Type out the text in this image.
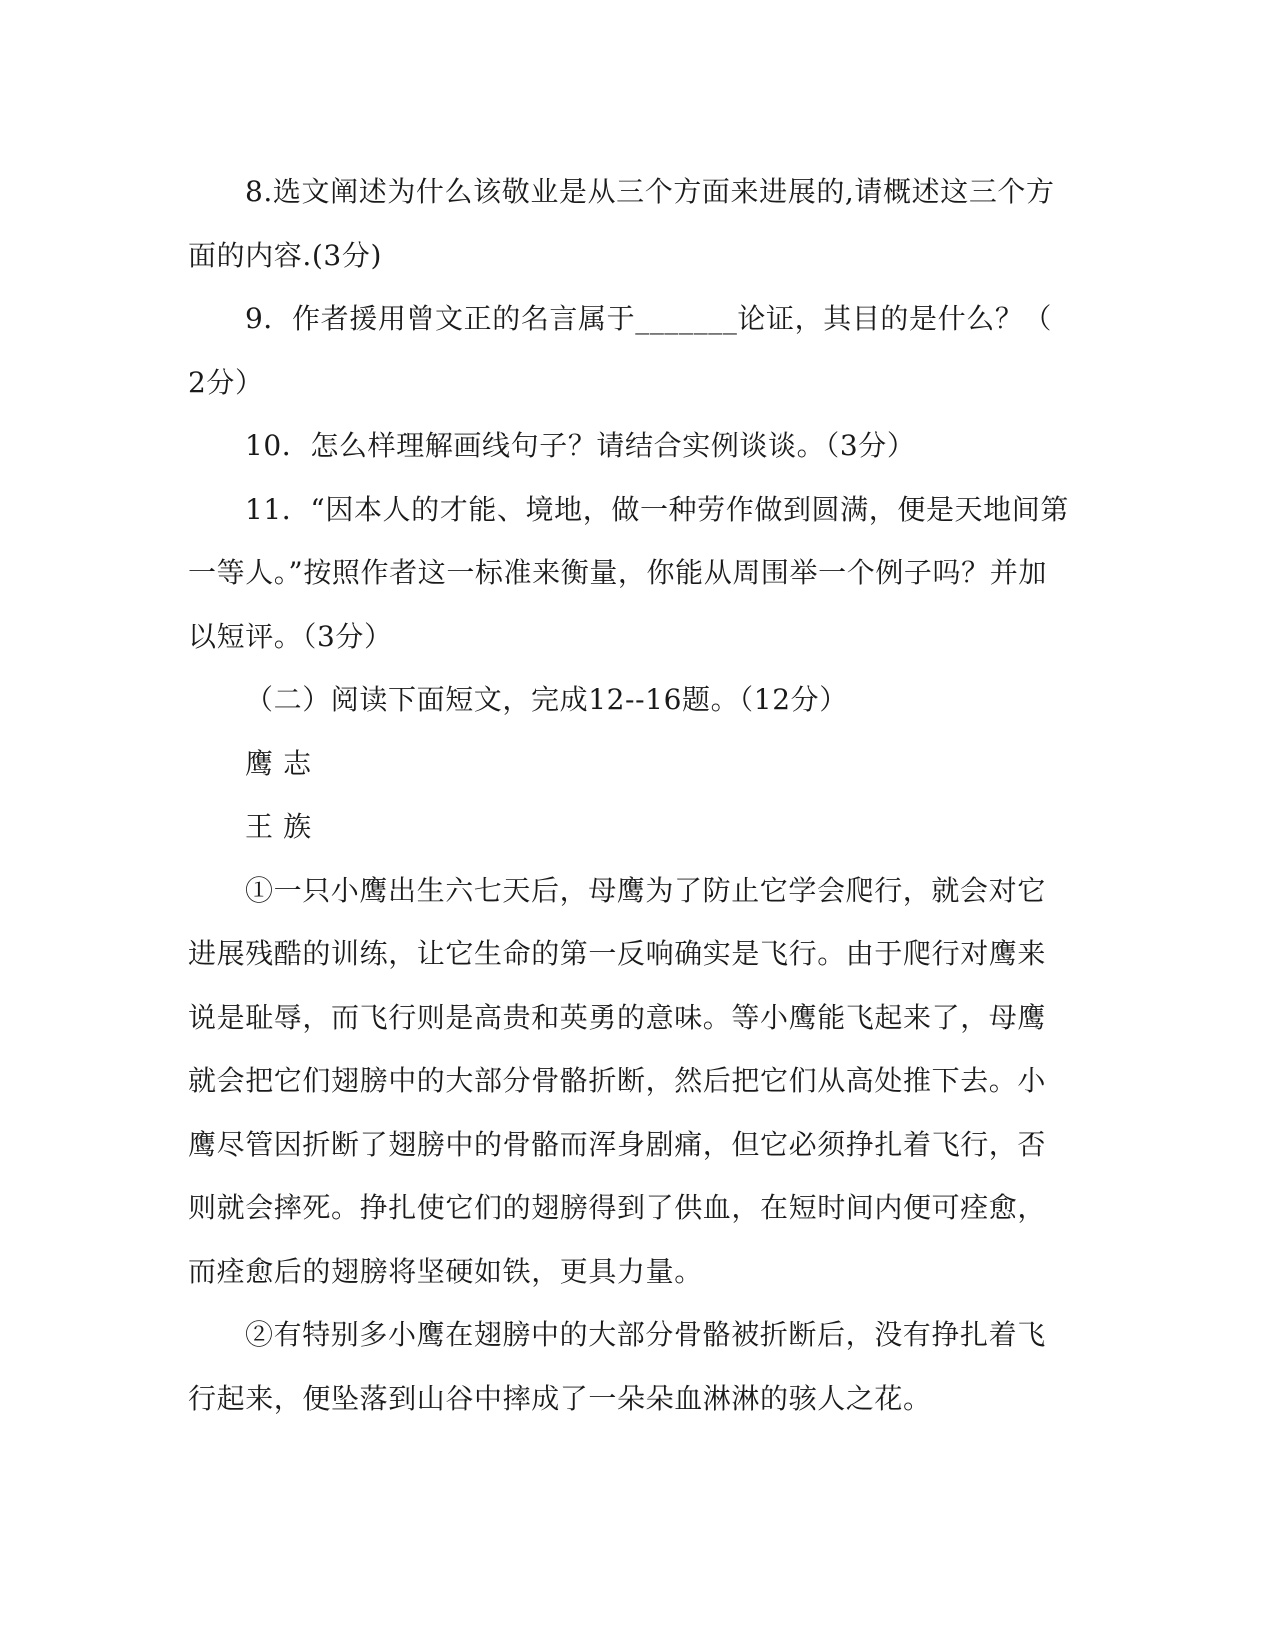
8.选文阐述为什么该敬业是从三个方面来进展的,请概述这三个方
面的内容.(3分)
9．作者援用曾文正的名言属于_______论证，其目的是什么？（
2分）
10．怎么样理解画线句子？请结合实例谈谈。（3分）
11．“因本人的才能、境地，做一种劳作做到圆满，便是天地间第
一等人。”按照作者这一标准来衡量，你能从周围举一个例子吗？并加
以短评。（3分）
（二）阅读下面短文，完成12--16题。（12分）
鹰 志
王 族
①一只小鹰出生六七天后，母鹰为了防止它学会爬行，就会对它
进展残酷的训练，让它生命的第一反响确实是飞行。由于爬行对鹰来
说是耻辱，而飞行则是高贵和英勇的意味。等小鹰能飞起来了，母鹰
就会把它们翅膀中的大部分骨骼折断，然后把它们从高处推下去。小
鹰尽管因折断了翅膀中的骨骼而浑身剧痛，但它必须挣扎着飞行，否
则就会摔死。挣扎使它们的翅膀得到了供血，在短时间内便可痊愈，
而痊愈后的翅膀将坚硬如铁，更具力量。
②有特别多小鹰在翅膀中的大部分骨骼被折断后，没有挣扎着飞
行起来，便坠落到山谷中摔成了一朵朵血淋淋的骇人之花。
